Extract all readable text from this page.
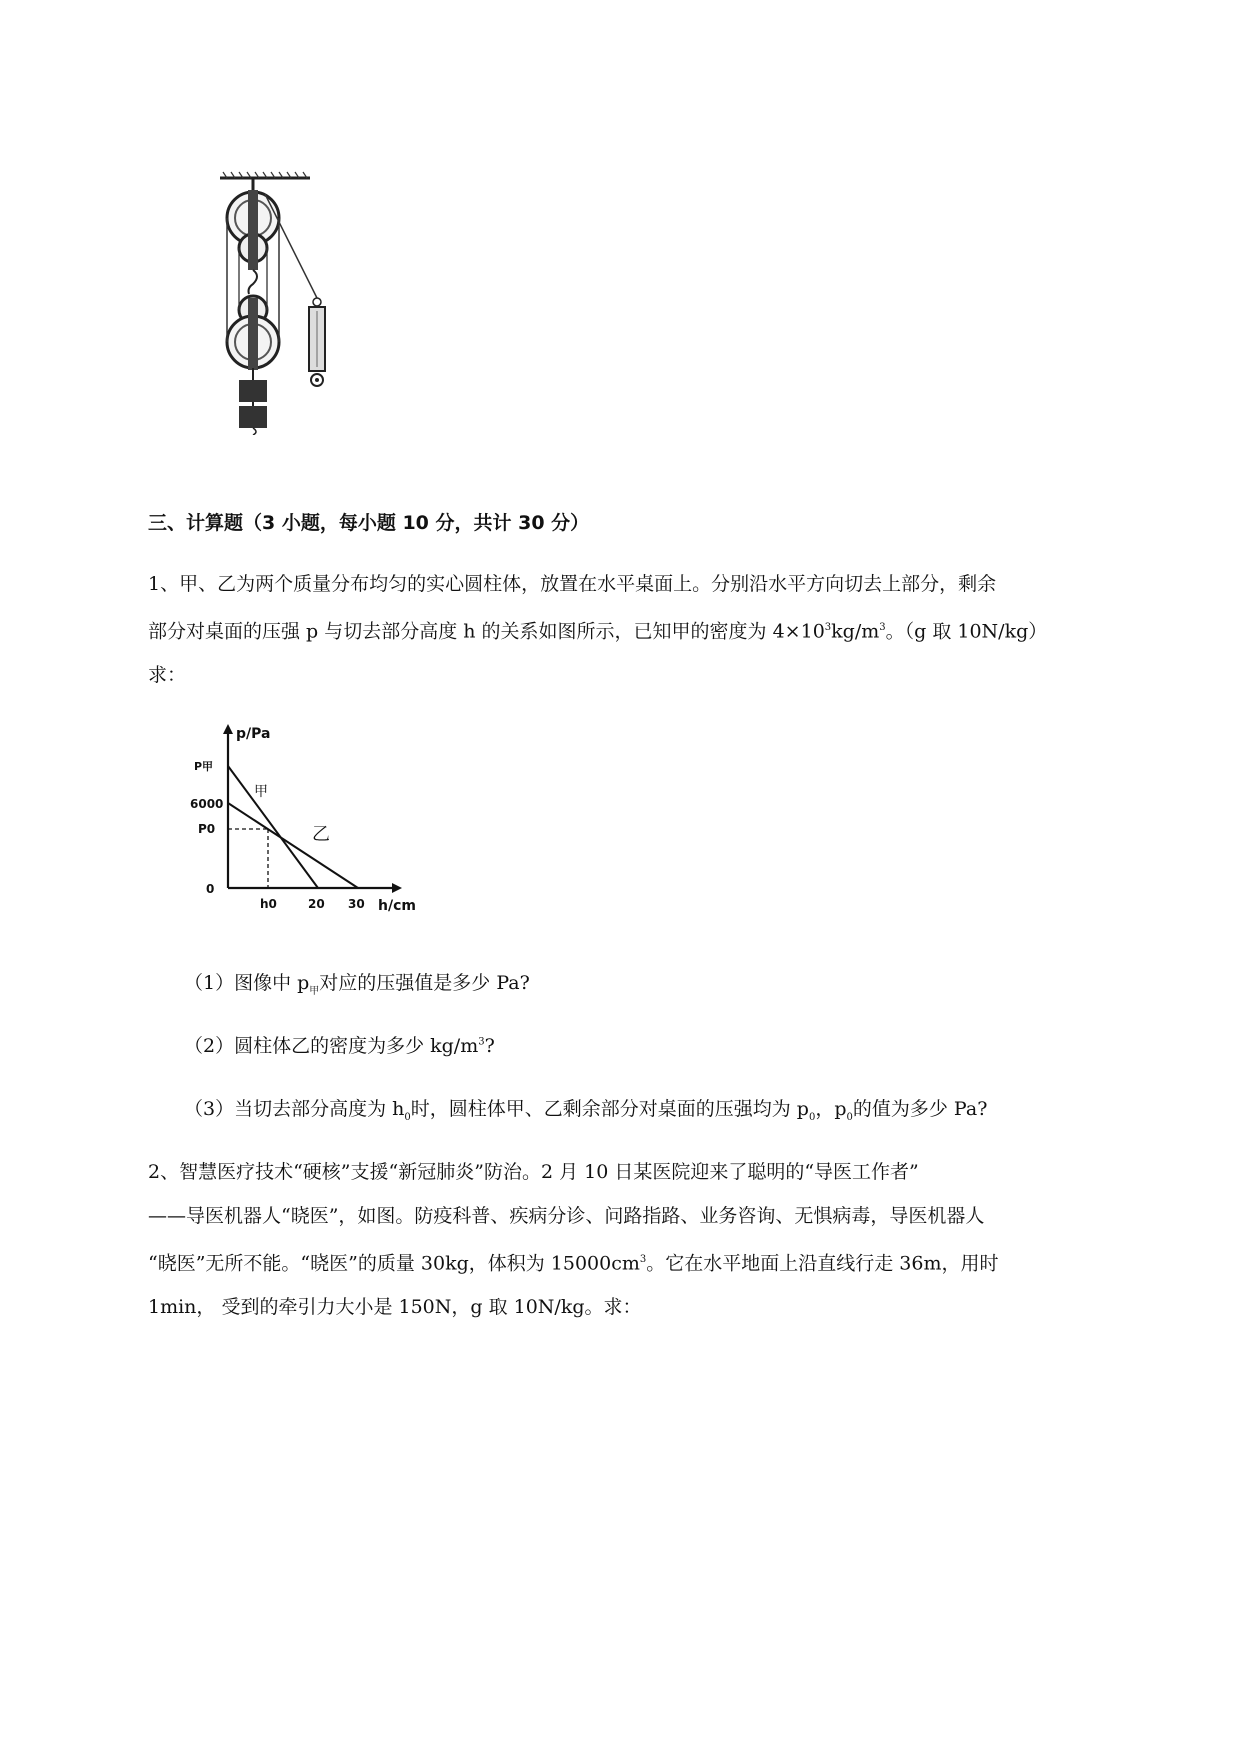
三、计算题（3 小题，每小题 10 分，共计 30 分）
1、甲、乙为两个质量分布均匀的实心圆柱体，放置在水平桌面上。分别沿水平方向切去上部分，剩余
部分对桌面的压强 p 与切去部分高度 h 的关系如图所示，已知甲的密度为 $4\times 10^3kg/m^3$。（g 取 10N/kg）
求：
p/Pa
P甲
6000
P0
0
h0	20 30 h/cm
甲
乙
（1）图像中 $p_甲$对应的压强值是多少 Pa?
（2）圆柱体乙的密度为多少 $kg/m^3$?
（3）当切去部分高度为 $h_0$时，圆柱体甲、乙剩余部分对桌面的压强均为 $p_0$，$p_0$的值为多少 Pa?
2、智慧医疗技术“硬核”支援“新冠肺炎”防治。2 月 10 日某医院迎来了聪明的“导医工作者”
——导医机器人“晓医”，如图。防疫科普、疾病分诊、问路指路、业务咨询、无惧病毒，导医机器人
“晓医”无所不能。“晓医”的质量 30kg，体积为 $15000cm^3$。它在水平地面上沿直线行走 36m，用时
1min， 受到的牵引力大小是 150N，g 取 10N/kg。求：
